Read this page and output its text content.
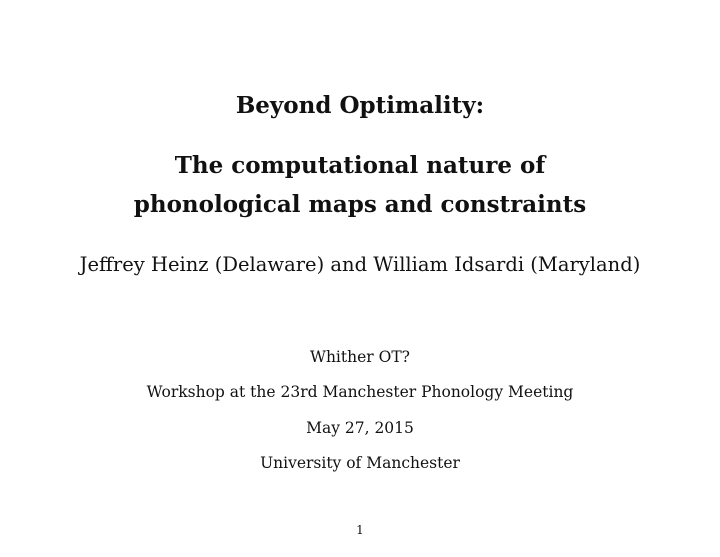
Beyond Optimality:
The computational nature of
phonological maps and constraints
Jeffrey Heinz (Delaware) and William Idsardi (Maryland)
Whither OT?
Workshop at the 23rd Manchester Phonology Meeting
May 27, 2015
University of Manchester
1
